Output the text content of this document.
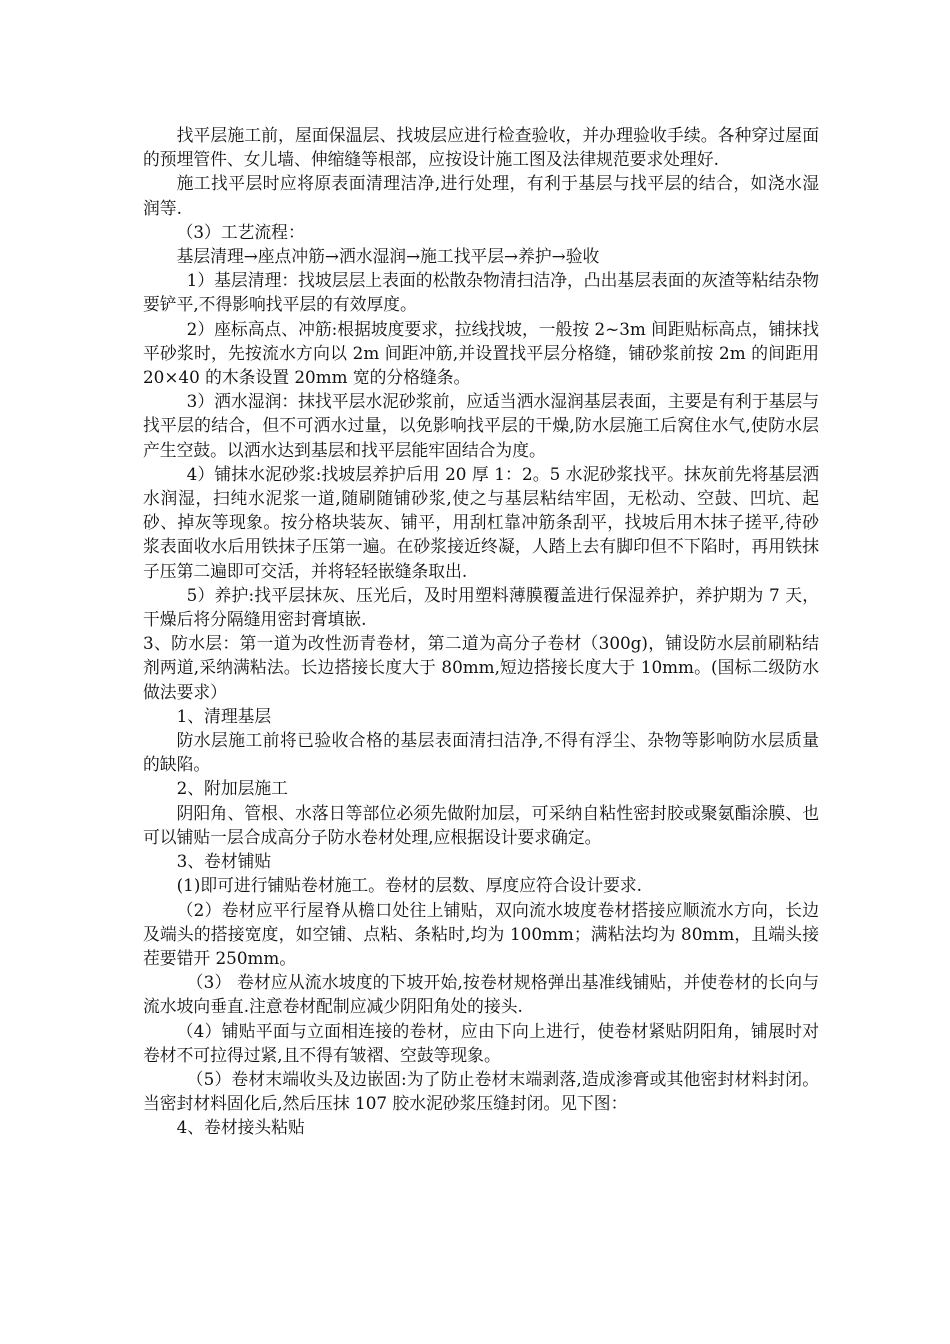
找平层施工前，屋面保温层、找坡层应进行检查验收，并办理验收手续。各种穿过屋面的预埋管件、女儿墙、伸缩缝等根部，应按设计施工图及法律规范要求处理好.

施工找平层时应将原表面清理洁净,进行处理，有利于基层与找平层的结合，如浇水湿润等.

（3）工艺流程：

基层清理→座点冲筋→洒水湿润→施工找平层→养护→验收

1）基层清理：找坡层层上表面的松散杂物清扫洁净，凸出基层表面的灰渣等粘结杂物要铲平,不得影响找平层的有效厚度。

2）座标高点、冲筋:根据坡度要求，拉线找坡，一般按 2~3m 间距贴标高点，铺抹找平砂浆时，先按流水方向以 2m 间距冲筋,并设置找平层分格缝，铺砂浆前按 2m 的间距用 20×40 的木条设置 20mm 宽的分格缝条。

3）洒水湿润：抹找平层水泥砂浆前，应适当洒水湿润基层表面，主要是有利于基层与找平层的结合，但不可洒水过量，以免影响找平层的干燥,防水层施工后窝住水气,使防水层产生空鼓。以洒水达到基层和找平层能牢固结合为度。

4）铺抹水泥砂浆:找坡层养护后用 20 厚 1：2。5 水泥砂浆找平。抹灰前先将基层洒水润湿，扫纯水泥浆一道,随刷随铺砂浆,使之与基层粘结牢固，无松动、空鼓、凹坑、起砂、掉灰等现象。按分格块装灰、铺平，用刮杠靠冲筋条刮平，找坡后用木抹子搓平,待砂浆表面收水后用铁抹子压第一遍。在砂浆接近终凝，人踏上去有脚印但不下陷时，再用铁抹子压第二遍即可交活，并将轻轻嵌缝条取出.

5）养护:找平层抹灰、压光后，及时用塑料薄膜覆盖进行保湿养护，养护期为 7 天，干燥后将分隔缝用密封膏填嵌.

3、防水层：第一道为改性沥青卷材，第二道为高分子卷材（300g)，铺设防水层前刷粘结剂两道,采纳满粘法。长边搭接长度大于 80mm,短边搭接长度大于 10mm。(国标二级防水做法要求）

1、清理基层

防水层施工前将已验收合格的基层表面清扫洁净,不得有浮尘、杂物等影响防水层质量的缺陷。

2、附加层施工

阴阳角、管根、水落日等部位必须先做附加层，可采纳自粘性密封胶或聚氨酯涂膜、也可以铺贴一层合成高分子防水卷材处理,应根据设计要求确定。

3、卷材铺贴

(1)即可进行铺贴卷材施工。卷材的层数、厚度应符合设计要求.

（2）卷材应平行屋脊从檐口处往上铺贴，双向流水坡度卷材搭接应顺流水方向，长边及端头的搭接宽度，如空铺、点粘、条粘时,均为 100mm；满粘法均为 80mm，且端头接茬要错开 250mm。

（3） 卷材应从流水坡度的下坡开始,按卷材规格弹出基准线铺贴，并使卷材的长向与流水坡向垂直.注意卷材配制应减少阴阳角处的接头.

（4）铺贴平面与立面相连接的卷材，应由下向上进行，使卷材紧贴阴阳角，铺展时对卷材不可拉得过紧,且不得有皱褶、空鼓等现象。

（5）卷材末端收头及边嵌固:为了防止卷材末端剥落,造成渗膏或其他密封材料封闭。当密封材料固化后,然后压抹 107 胶水泥砂浆压缝封闭。见下图：

4、卷材接头粘贴
